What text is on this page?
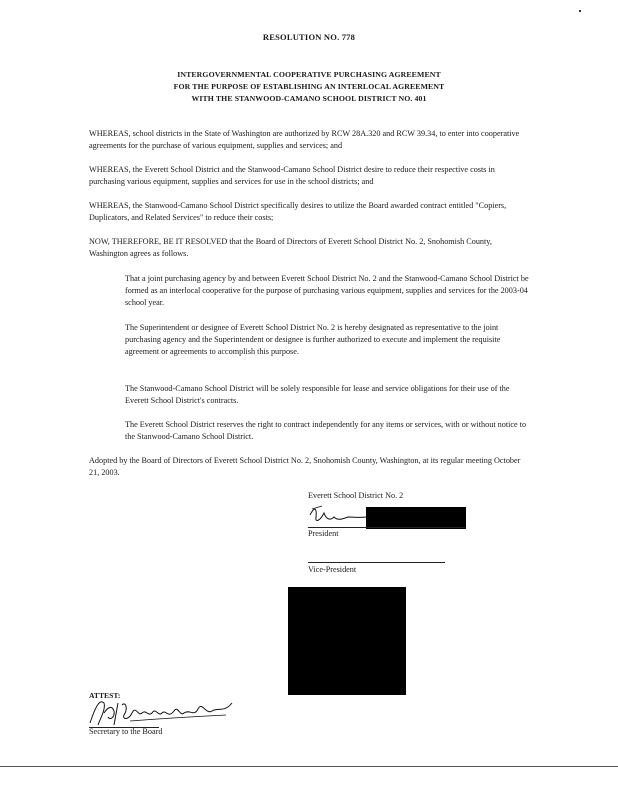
RESOLUTION NO. 778
INTERGOVERNMENTAL COOPERATIVE PURCHASING AGREEMENT
FOR THE PURPOSE OF ESTABLISHING AN INTERLOCAL AGREEMENT
WITH THE STANWOOD-CAMANO SCHOOL DISTRICT NO. 401

WHEREAS, school districts in the State of Washington are authorized by RCW 28A.320 and RCW 39.34, to enter into cooperative agreements for the purchase of various equipment, supplies and services; and

WHEREAS, the Everett School District and the Stanwood-Camano School District desire to reduce their respective costs in purchasing various equipment, supplies and services for use in the school districts; and

WHEREAS, the Stanwood-Camano School District specifically desires to utilize the Board awarded contract entitled "Copiers, Duplicators, and Related Services" to reduce their costs;

NOW, THEREFORE, BE IT RESOLVED that the Board of Directors of Everett School District No. 2, Snohomish County, Washington agrees as follows.

That a joint purchasing agency by and between Everett School District No. 2 and the Stanwood-Camano School District be formed as an interlocal cooperative for the purpose of purchasing various equipment, supplies and services for the 2003-04 school year.

The Superintendent or designee of Everett School District No. 2 is hereby designated as representative to the joint purchasing agency and the Superintendent or designee is further authorized to execute and implement the requisite agreement or agreements to accomplish this purpose.

The Stanwood-Camano School District will be solely responsible for lease and service obligations for their use of the Everett School District's contracts.

The Everett School District reserves the right to contract independently for any items or services, with or without notice to the Stanwood-Camano School District.

Adopted by the Board of Directors of Everett School District No. 2, Snohomish County, Washington, at its regular meeting October 21, 2003.

Everett School District No. 2
President
Vice-President
ATTEST:
Secretary to the Board
